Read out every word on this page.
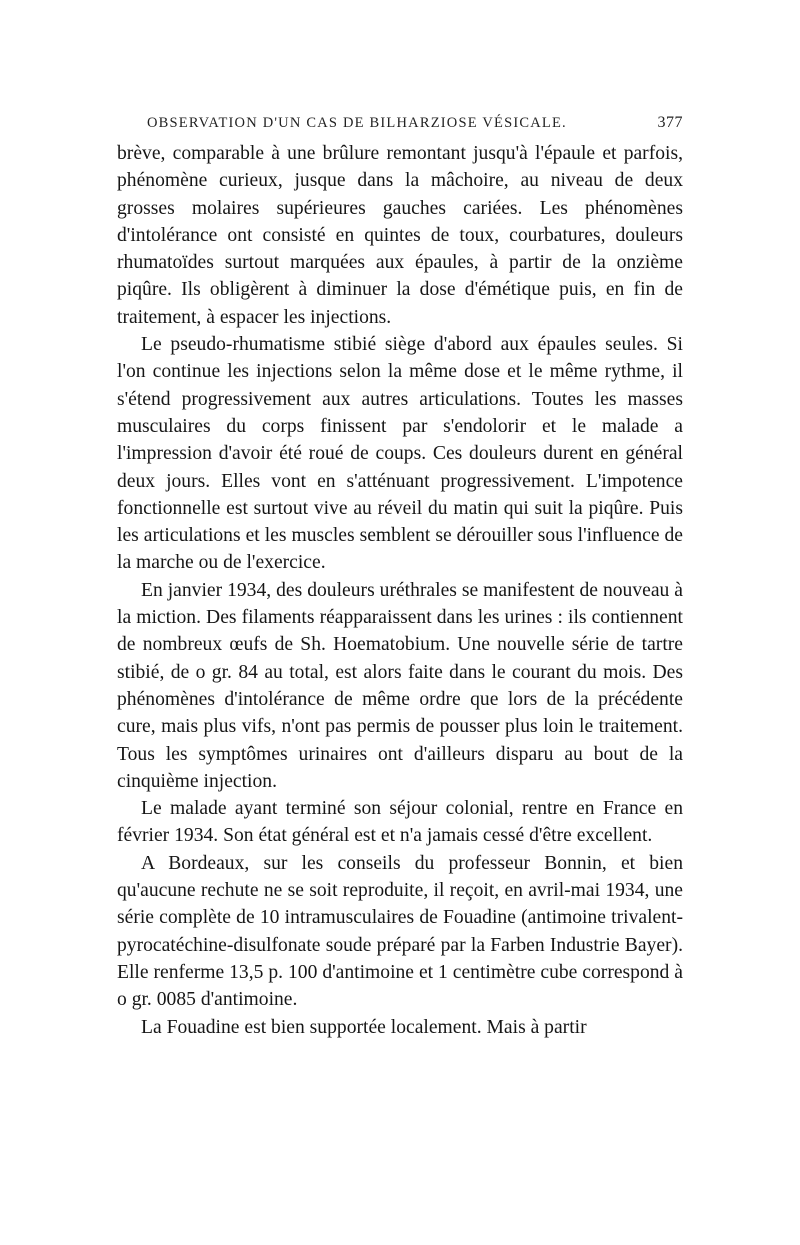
OBSERVATION D'UN CAS DE BILHARZIOSE VÉSICALE.	377

brève, comparable à une brûlure remontant jusqu'à l'épaule et parfois, phénomène curieux, jusque dans la mâchoire, au niveau de deux grosses molaires supérieures gauches cariées. Les phénomènes d'intolérance ont consisté en quintes de toux, courbatures, douleurs rhumatoïdes surtout marquées aux épaules, à partir de la onzième piqûre. Ils obligèrent à diminuer la dose d'émétique puis, en fin de traitement, à espacer les injections.

Le pseudo-rhumatisme stibié siège d'abord aux épaules seules. Si l'on continue les injections selon la même dose et le même rythme, il s'étend progressivement aux autres articulations. Toutes les masses musculaires du corps finissent par s'endolorir et le malade a l'impression d'avoir été roué de coups. Ces douleurs durent en général deux jours. Elles vont en s'atténuant progressivement. L'impotence fonctionnelle est surtout vive au réveil du matin qui suit la piqûre. Puis les articulations et les muscles semblent se dérouiller sous l'influence de la marche ou de l'exercice.

En janvier 1934, des douleurs uréthrales se manifestent de nouveau à la miction. Des filaments réapparaissent dans les urines : ils contiennent de nombreux œufs de Sh. Hoematobium. Une nouvelle série de tartre stibié, de o gr. 84 au total, est alors faite dans le courant du mois. Des phénomènes d'intolérance de même ordre que lors de la précédente cure, mais plus vifs, n'ont pas permis de pousser plus loin le traitement. Tous les symptômes urinaires ont d'ailleurs disparu au bout de la cinquième injection.

Le malade ayant terminé son séjour colonial, rentre en France en février 1934. Son état général est et n'a jamais cessé d'être excellent.

A Bordeaux, sur les conseils du professeur Bonnin, et bien qu'aucune rechute ne se soit reproduite, il reçoit, en avril-mai 1934, une série complète de 10 intramusculaires de Fouadine (antimoine trivalent-pyrocatéchine-disulfonate soude préparé par la Farben Industrie Bayer). Elle renferme 13,5 p. 100 d'antimoine et 1 centimètre cube correspond à o gr. 0085 d'antimoine.

La Fouadine est bien supportée localement. Mais à partir
